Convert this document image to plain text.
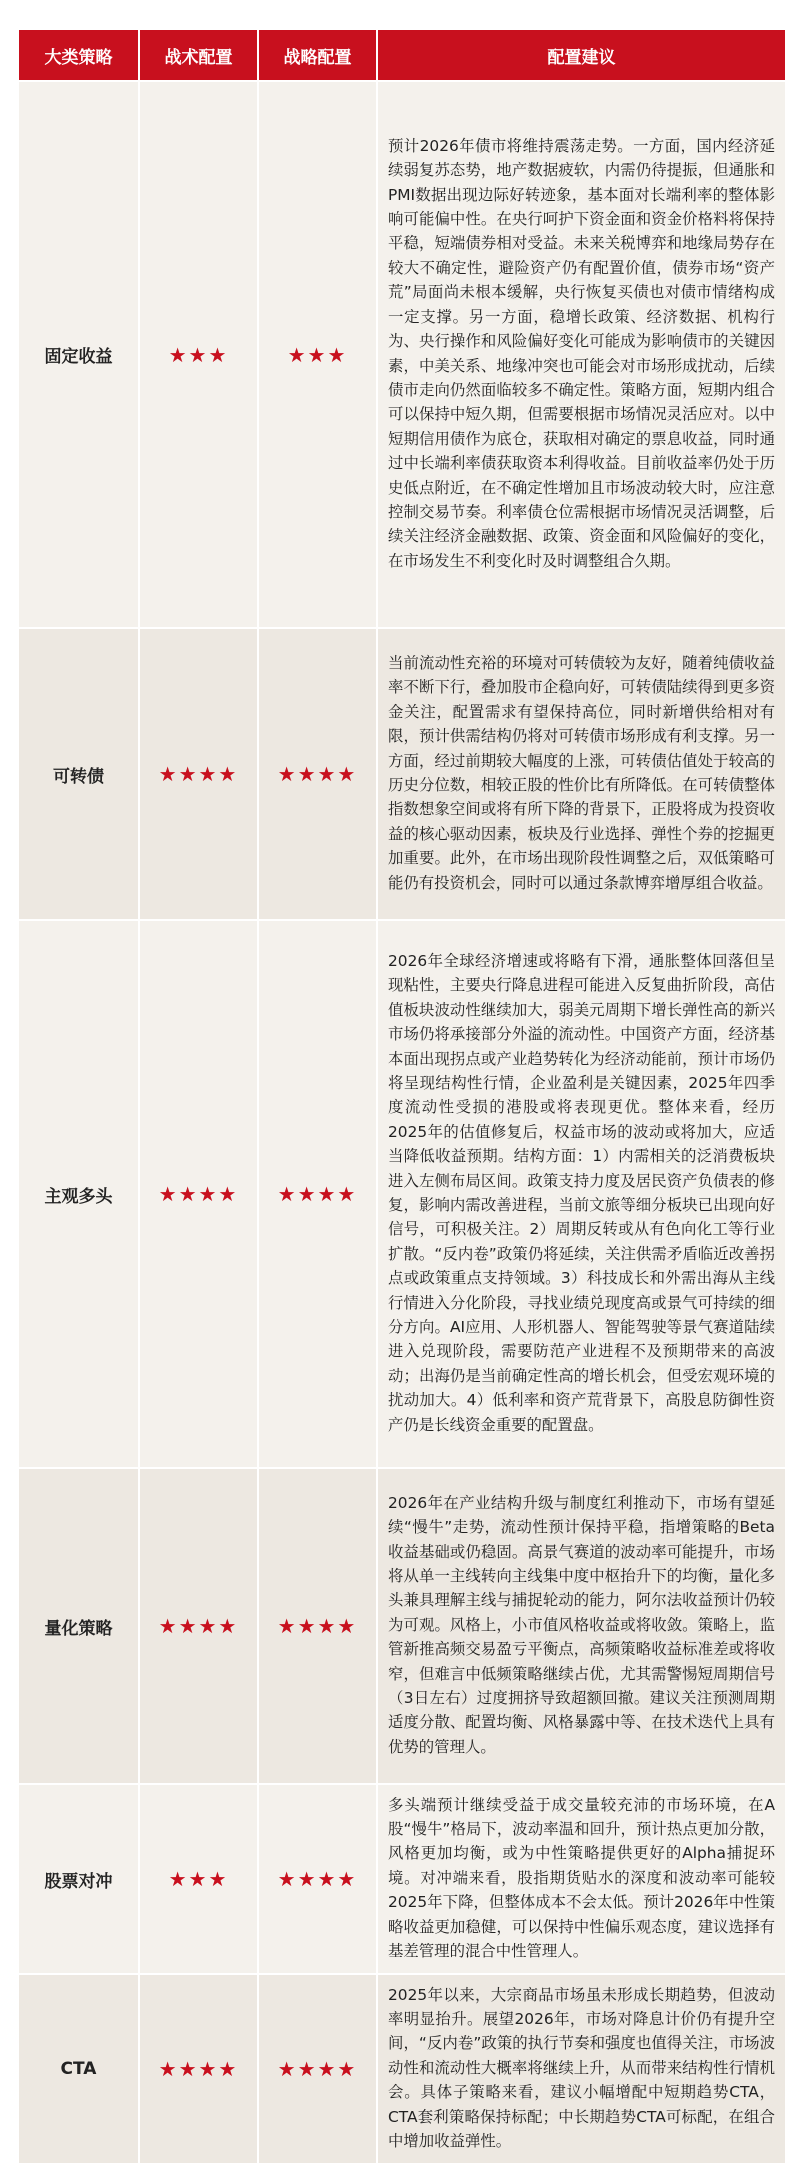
大类策略	战术配置	战略配置	配置建议
固定收益	★★★	★★★	预计2026年债市将维持震荡走势。一方面，国内经济延续弱复苏态势，地产数据疲软，内需仍待提振，但通胀和PMI数据出现边际好转迹象，基本面对长端利率的整体影响可能偏中性。在央行呵护下资金面和资金价格料将保持平稳，短端债券相对受益。未来关税博弈和地缘局势存在较大不确定性，避险资产仍有配置价值，债券市场“资产荒”局面尚未根本缓解，央行恢复买债也对债市情绪构成一定支撑。另一方面，稳增长政策、经济数据、机构行为、央行操作和风险偏好变化可能成为影响债市的关键因素，中美关系、地缘冲突也可能会对市场形成扰动，后续债市走向仍然面临较多不确定性。策略方面，短期内组合可以保持中短久期，但需要根据市场情况灵活应对。以中短期信用债作为底仓，获取相对确定的票息收益，同时通过中长端利率债获取资本利得收益。目前收益率仍处于历史低点附近，在不确定性增加且市场波动较大时，应注意控制交易节奏。利率债仓位需根据市场情况灵活调整，后续关注经济金融数据、政策、资金面和风险偏好的变化，在市场发生不利变化时及时调整组合久期。
可转债	★★★★	★★★★	当前流动性充裕的环境对可转债较为友好，随着纯债收益率不断下行，叠加股市企稳向好，可转债陆续得到更多资金关注，配置需求有望保持高位，同时新增供给相对有限，预计供需结构仍将对可转债市场形成有利支撑。另一方面，经过前期较大幅度的上涨，可转债估值处于较高的历史分位数，相较正股的性价比有所降低。在可转债整体指数想象空间或将有所下降的背景下，正股将成为投资收益的核心驱动因素，板块及行业选择、弹性个券的挖掘更加重要。此外，在市场出现阶段性调整之后，双低策略可能仍有投资机会，同时可以通过条款博弈增厚组合收益。
主观多头	★★★★	★★★★	2026年全球经济增速或将略有下滑，通胀整体回落但呈现粘性，主要央行降息进程可能进入反复曲折阶段，高估值板块波动性继续加大，弱美元周期下增长弹性高的新兴市场仍将承接部分外溢的流动性。中国资产方面，经济基本面出现拐点或产业趋势转化为经济动能前，预计市场仍将呈现结构性行情，企业盈利是关键因素，2025年四季度流动性受损的港股或将表现更优。整体来看，经历2025年的估值修复后，权益市场的波动或将加大，应适当降低收益预期。结构方面：1）内需相关的泛消费板块进入左侧布局区间。政策支持力度及居民资产负债表的修复，影响内需改善进程，当前文旅等细分板块已出现向好信号，可积极关注。2）周期反转或从有色向化工等行业扩散。“反内卷”政策仍将延续，关注供需矛盾临近改善拐点或政策重点支持领域。3）科技成长和外需出海从主线行情进入分化阶段，寻找业绩兑现度高或景气可持续的细分方向。AI应用、人形机器人、智能驾驶等景气赛道陆续进入兑现阶段，需要防范产业进程不及预期带来的高波动；出海仍是当前确定性高的增长机会，但受宏观环境的扰动加大。4）低利率和资产荒背景下，高股息防御性资产仍是长线资金重要的配置盘。
量化策略	★★★★	★★★★	2026年在产业结构升级与制度红利推动下，市场有望延续“慢牛”走势，流动性预计保持平稳，指增策略的Beta收益基础或仍稳固。高景气赛道的波动率可能提升，市场将从单一主线转向主线集中度中枢抬升下的均衡，量化多头兼具理解主线与捕捉轮动的能力，阿尔法收益预计仍较为可观。风格上，小市值风格收益或将收敛。策略上，监管新推高频交易盈亏平衡点，高频策略收益标准差或将收窄，但难言中低频策略继续占优，尤其需警惕短周期信号（3日左右）过度拥挤导致超额回撤。建议关注预测周期适度分散、配置均衡、风格暴露中等、在技术迭代上具有优势的管理人。
股票对冲	★★★	★★★★	多头端预计继续受益于成交量较充沛的市场环境，在A股“慢牛”格局下，波动率温和回升，预计热点更加分散，风格更加均衡，或为中性策略提供更好的Alpha捕捉环境。对冲端来看，股指期货贴水的深度和波动率可能较2025年下降，但整体成本不会太低。预计2026年中性策略收益更加稳健，可以保持中性偏乐观态度，建议选择有基差管理的混合中性管理人。
CTA	★★★★	★★★★	2025年以来，大宗商品市场虽未形成长期趋势，但波动率明显抬升。展望2026年，市场对降息计价仍有提升空间，“反内卷”政策的执行节奏和强度也值得关注，市场波动性和流动性大概率将继续上升，从而带来结构性行情机会。具体子策略来看，建议小幅增配中短期趋势CTA，CTA套利策略保持标配；中长期趋势CTA可标配，在组合中增加收益弹性。
